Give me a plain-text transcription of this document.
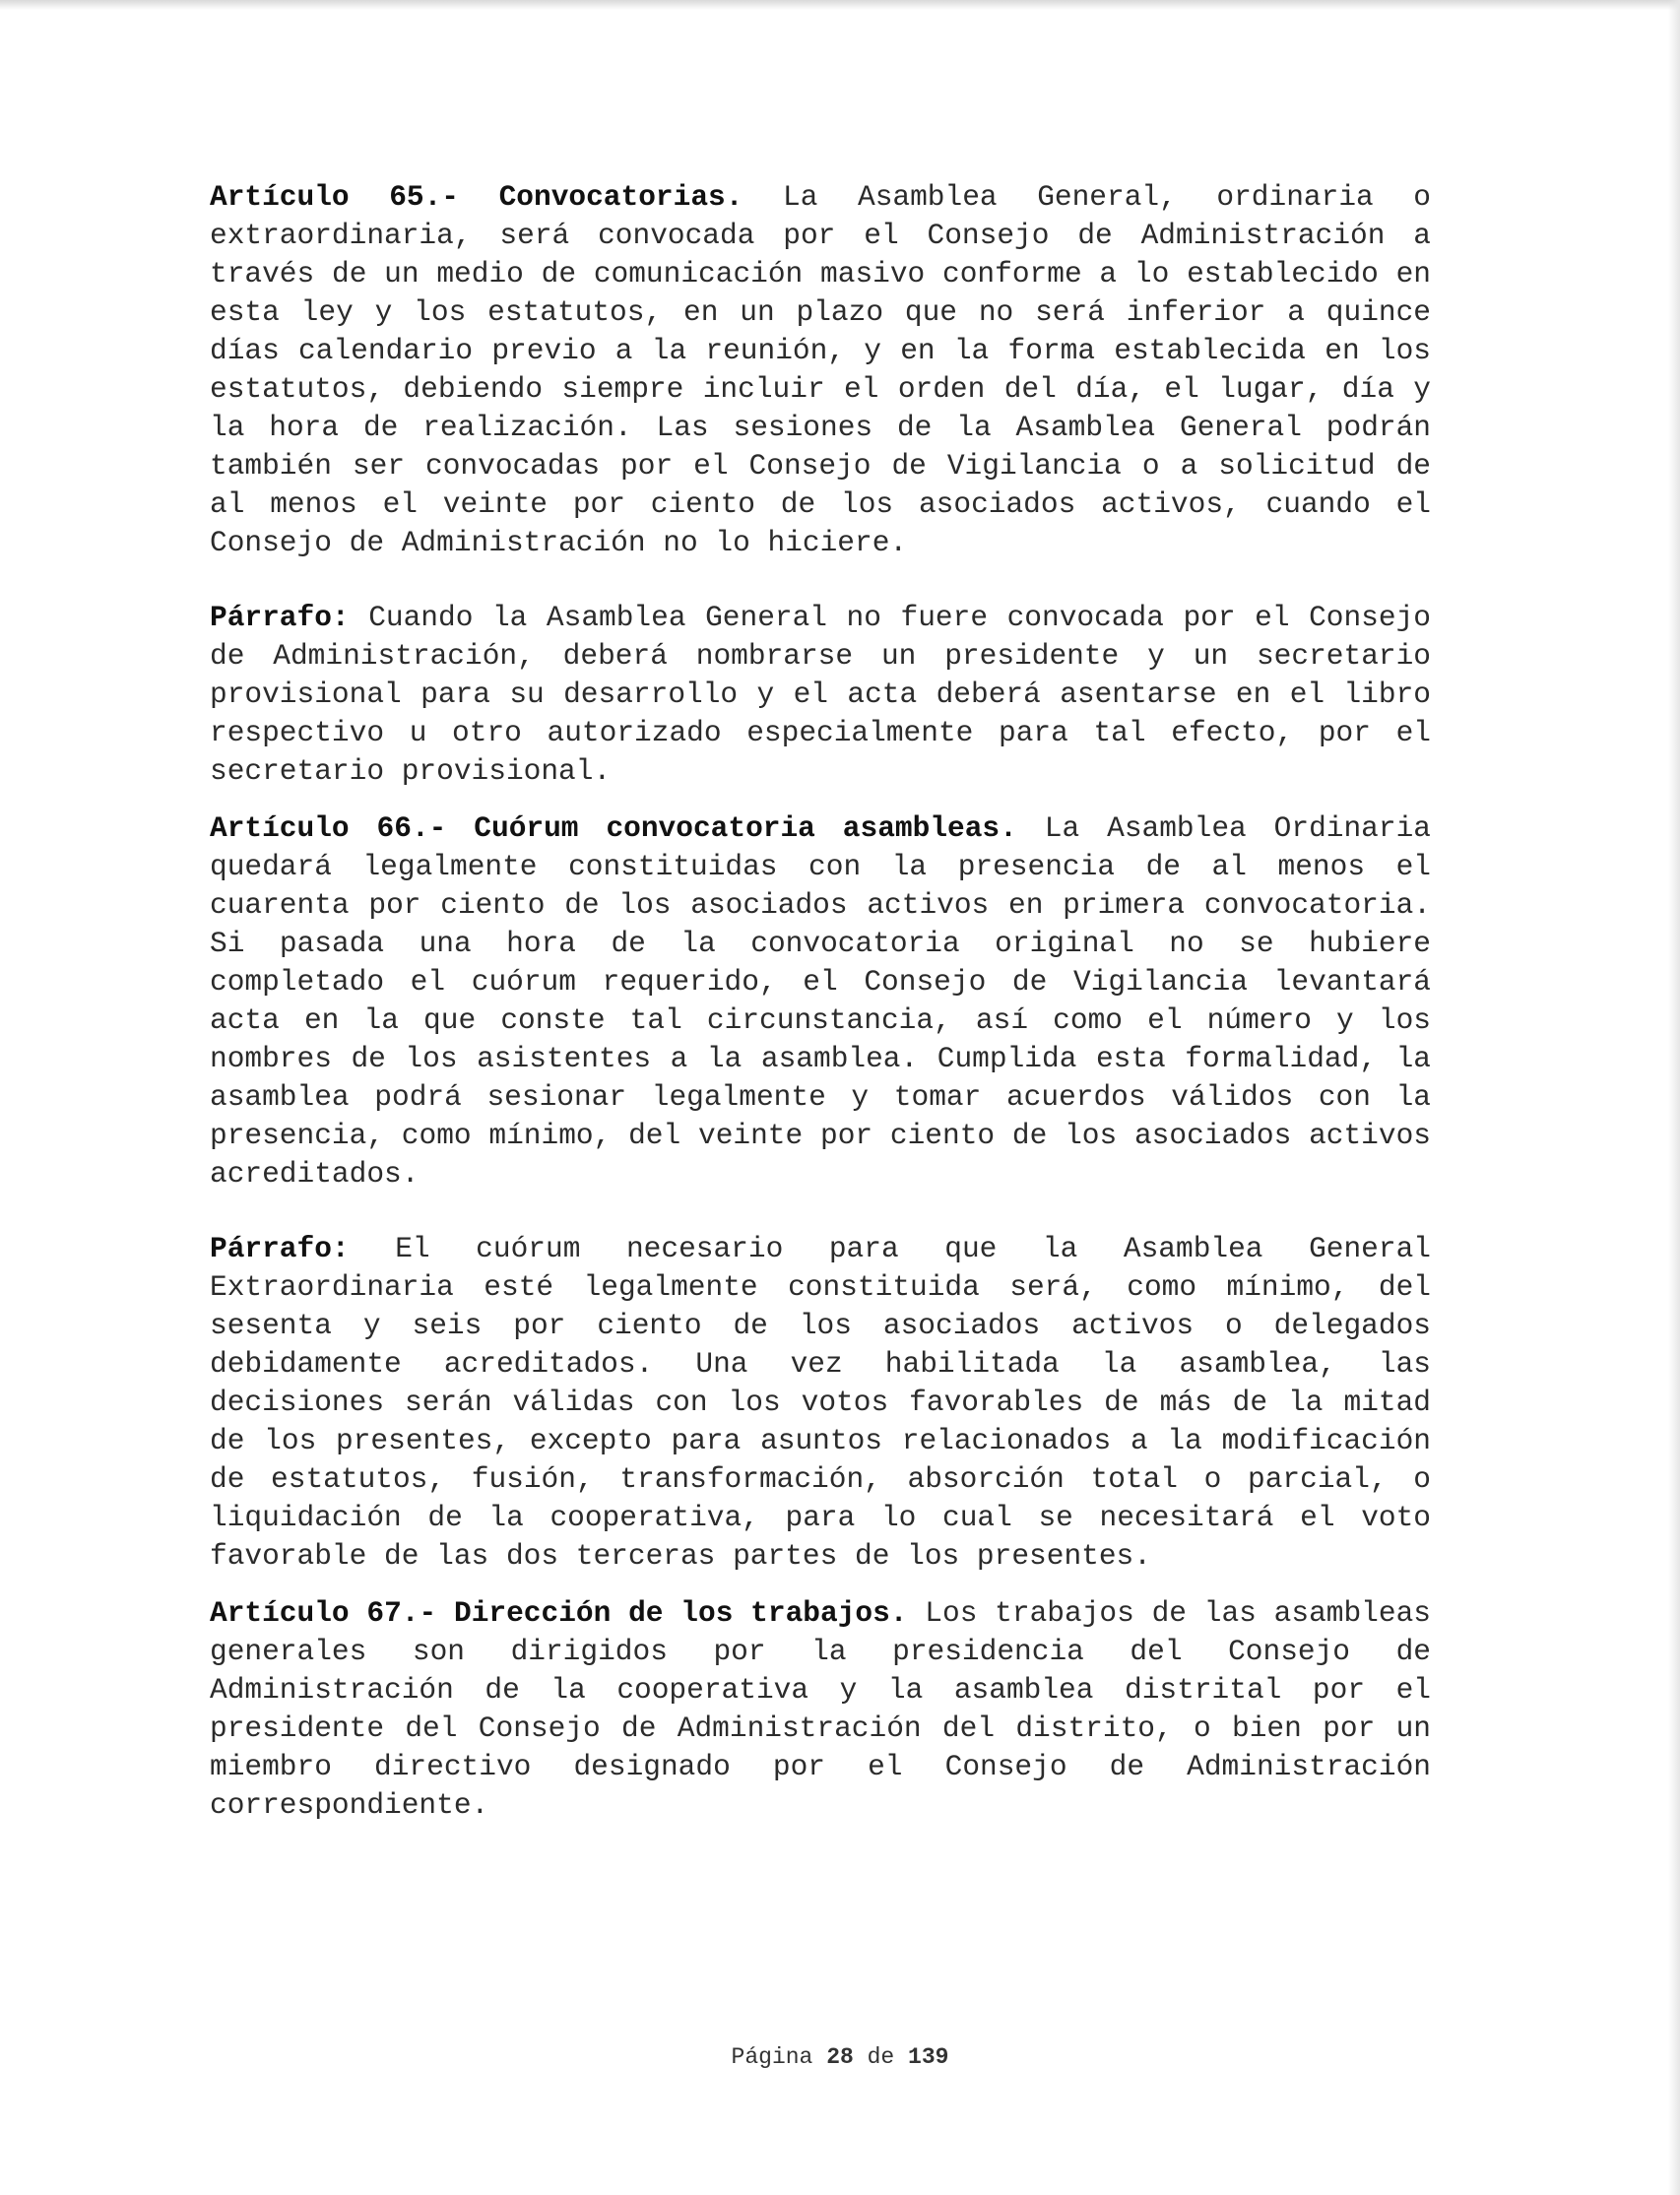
Artículo 65.- Convocatorias. La Asamblea General, ordinaria o extraordinaria, será convocada por el Consejo de Administración a través de un medio de comunicación masivo conforme a lo establecido en esta ley y los estatutos, en un plazo que no será inferior a quince días calendario previo a la reunión, y en la forma establecida en los estatutos, debiendo siempre incluir el orden del día, el lugar, día y la hora de realización. Las sesiones de la Asamblea General podrán también ser convocadas por el Consejo de Vigilancia o a solicitud de al menos el veinte por ciento de los asociados activos, cuando el Consejo de Administración no lo hiciere.

Párrafo: Cuando la Asamblea General no fuere convocada por el Consejo de Administración, deberá nombrarse un presidente y un secretario provisional para su desarrollo y el acta deberá asentarse en el libro respectivo u otro autorizado especialmente para tal efecto, por el secretario provisional.

Artículo 66.- Cuórum convocatoria asambleas. La Asamblea Ordinaria quedará legalmente constituidas con la presencia de al menos el cuarenta por ciento de los asociados activos en primera convocatoria. Si pasada una hora de la convocatoria original no se hubiere completado el cuórum requerido, el Consejo de Vigilancia levantará acta en la que conste tal circunstancia, así como el número y los nombres de los asistentes a la asamblea. Cumplida esta formalidad, la asamblea podrá sesionar legalmente y tomar acuerdos válidos con la presencia, como mínimo, del veinte por ciento de los asociados activos acreditados.

Párrafo: El cuórum necesario para que la Asamblea General Extraordinaria esté legalmente constituida será, como mínimo, del sesenta y seis por ciento de los asociados activos o delegados debidamente acreditados. Una vez habilitada la asamblea, las decisiones serán válidas con los votos favorables de más de la mitad de los presentes, excepto para asuntos relacionados a la modificación de estatutos, fusión, transformación, absorción total o parcial, o liquidación de la cooperativa, para lo cual se necesitará el voto favorable de las dos terceras partes de los presentes.

Artículo 67.- Dirección de los trabajos. Los trabajos de las asambleas generales son dirigidos por la presidencia del Consejo de Administración de la cooperativa y la asamblea distrital por el presidente del Consejo de Administración del distrito, o bien por un miembro directivo designado por el Consejo de Administración correspondiente.

Página 28 de 139
